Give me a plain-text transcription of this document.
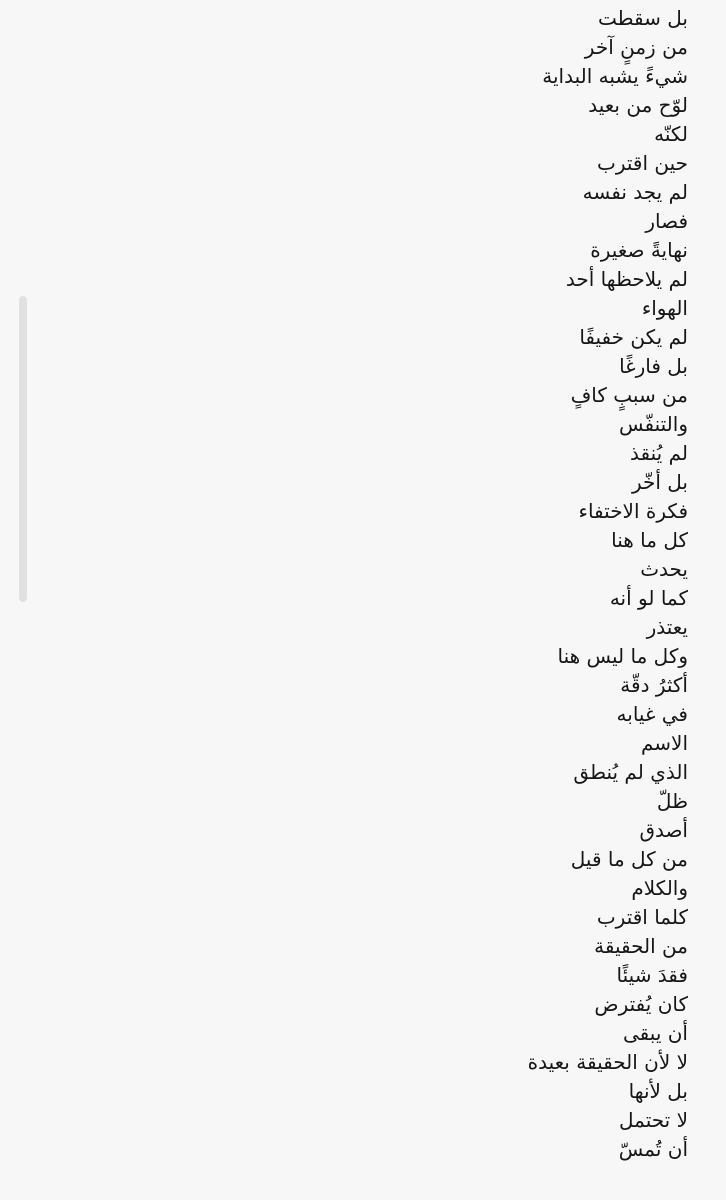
بل سقطت
من زمنٍ آخر
شيءً يشبه البداية
لوّح من بعيد
لكنّه
حين اقترب
لم يجد نفسه
فصار
نهايةً صغيرة
لم يلاحظها أحد
الهواء
لم يكن خفيفًا
بل فارغًا
من سببٍ كافٍ
والتنفّس
لم يُنقذ
بل أخّر
فكرة الاختفاء
كل ما هنا
يحدث
كما لو أنه
يعتذر
وكل ما ليس هنا
أكثرُ دقّة
في غيابه
الاسم
الذي لم يُنطق
ظلّ
أصدق
من كل ما قيل
والكلام
كلما اقترب
من الحقيقة
فقدَ شيئًا
كان يُفترض
أن يبقى
لا لأن الحقيقة بعيدة
بل لأنها
لا تحتمل
أن تُمسّ
